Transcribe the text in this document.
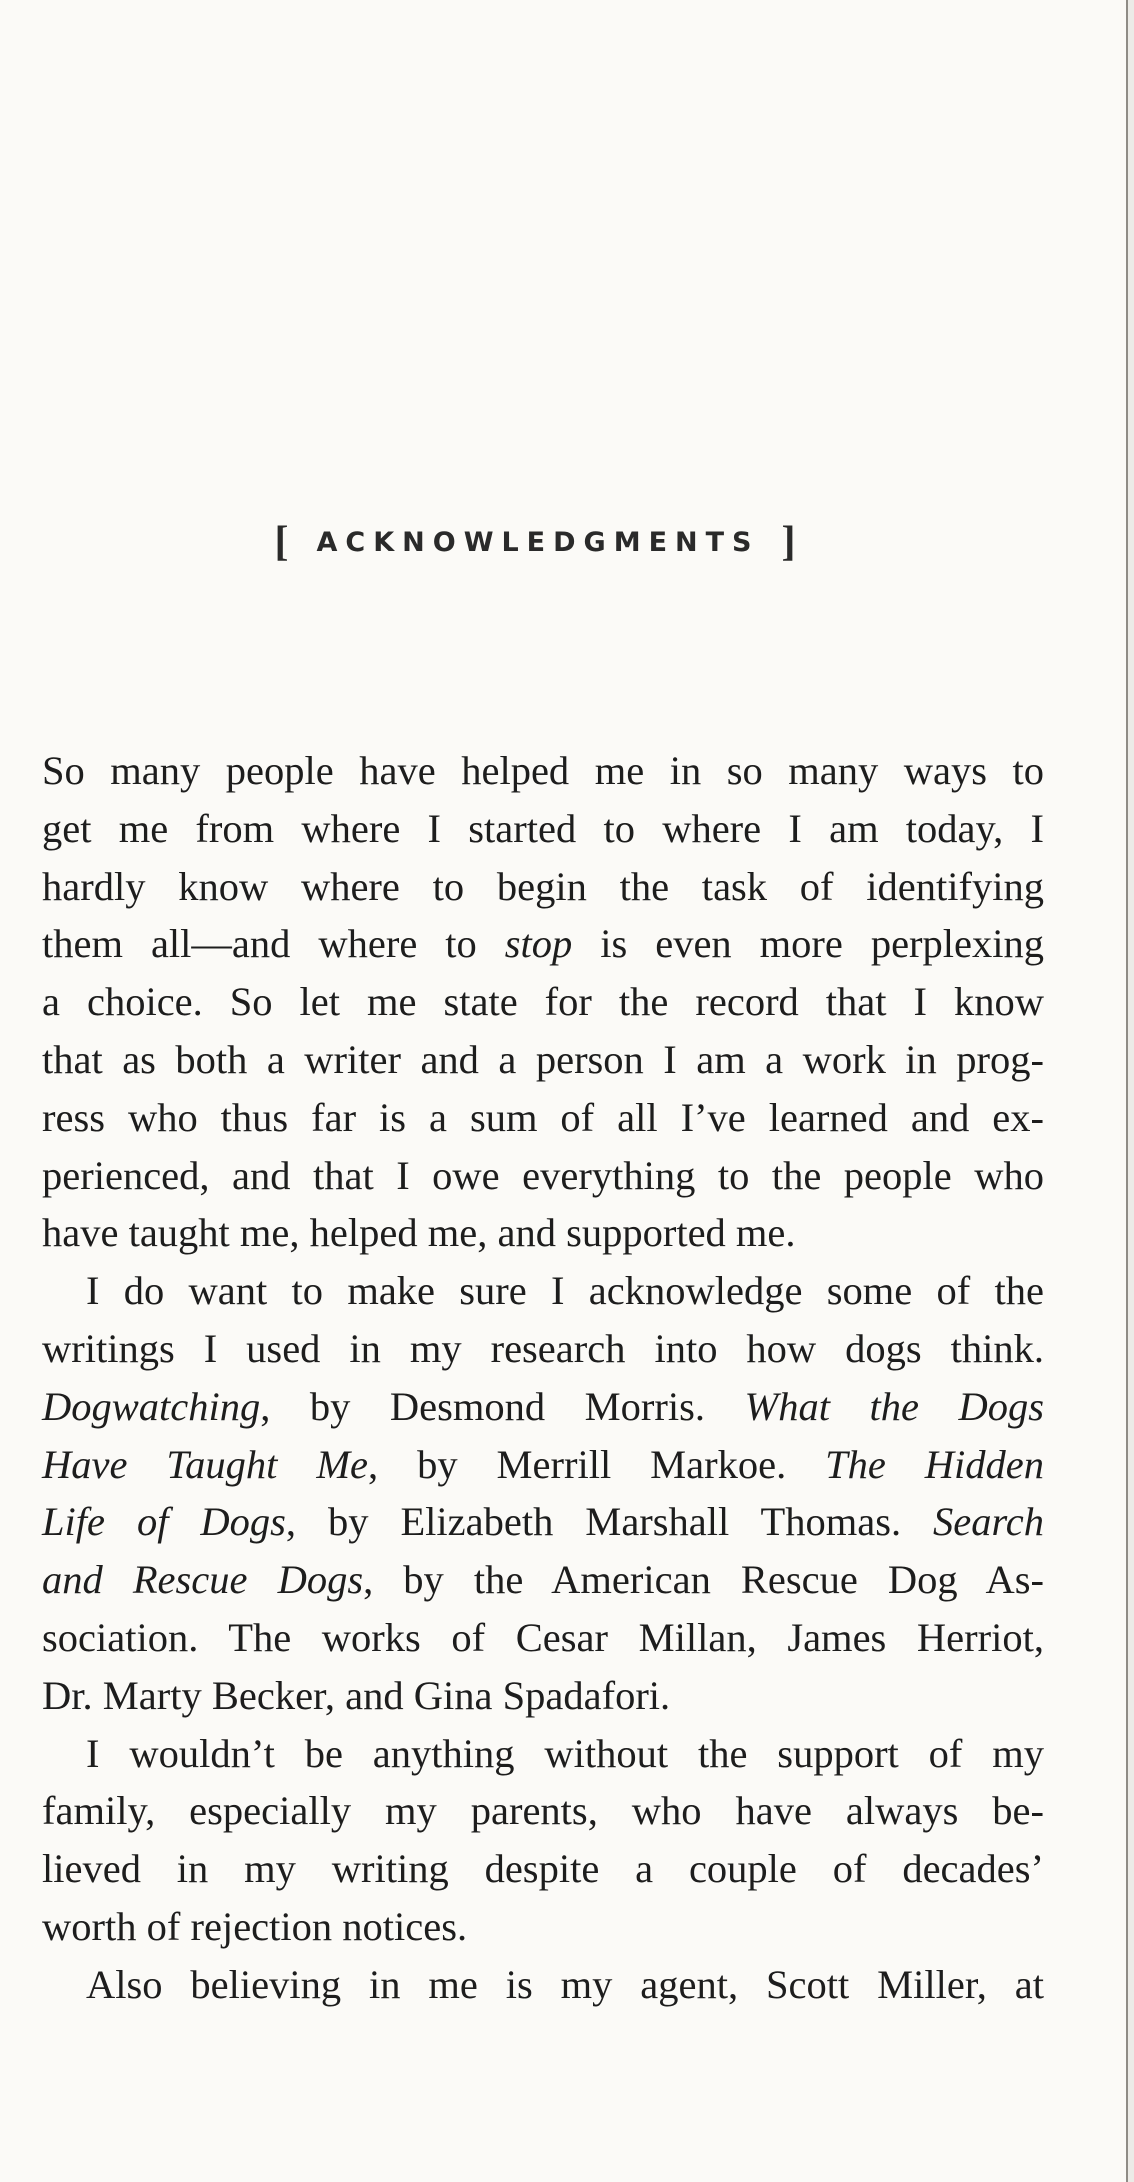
[ ACKNOWLEDGMENTS ]
So many people have helped me in so many ways to
get me from where I started to where I am today, I
hardly know where to begin the task of identifying
them all—and where to stop is even more perplexing
a choice. So let me state for the record that I know
that as both a writer and a person I am a work in prog-
ress who thus far is a sum of all I’ve learned and ex-
perienced, and that I owe everything to the people who
have taught me, helped me, and supported me.
I do want to make sure I acknowledge some of the
writings I used in my research into how dogs think.
Dogwatching, by Desmond Morris. What the Dogs
Have Taught Me, by Merrill Markoe. The Hidden
Life of Dogs, by Elizabeth Marshall Thomas. Search
and Rescue Dogs, by the American Rescue Dog As-
sociation. The works of Cesar Millan, James Herriot,
Dr. Marty Becker, and Gina Spadafori.
I wouldn’t be anything without the support of my
family, especially my parents, who have always be-
lieved in my writing despite a couple of decades’
worth of rejection notices.
Also believing in me is my agent, Scott Miller, at
